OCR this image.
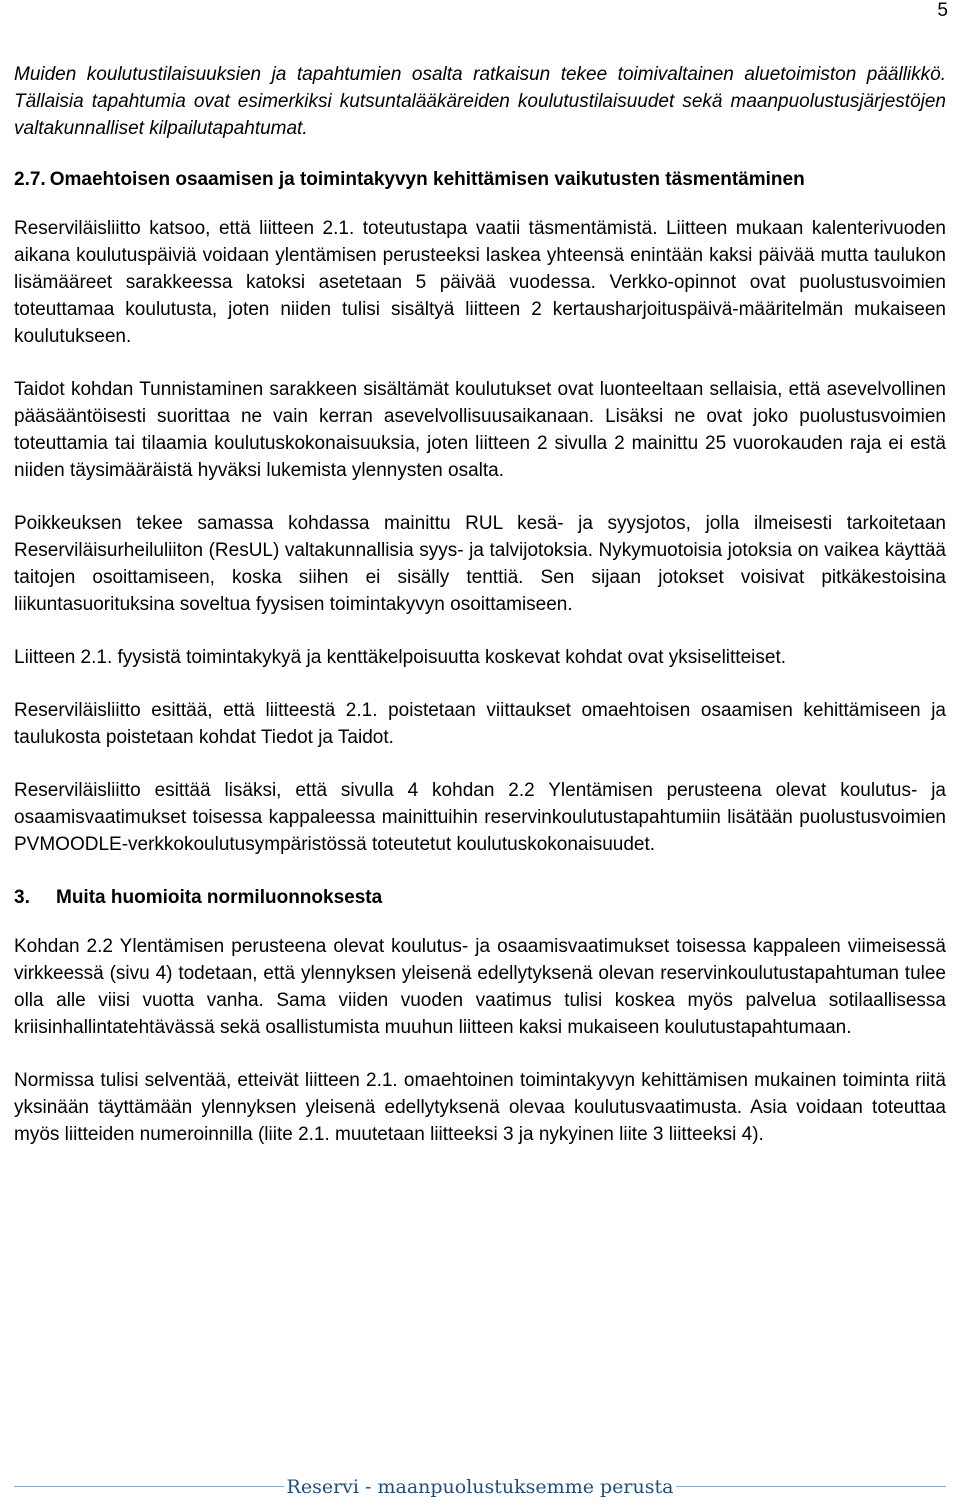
5

Muiden koulutustilaisuuksien ja tapahtumien osalta ratkaisun tekee toimivaltainen aluetoimiston päällikkö. Tällaisia tapahtumia ovat esimerkiksi kutsuntalääkäreiden koulutustilaisuudet sekä maanpuolustusjärjestöjen valtakunnalliset kilpailutapahtumat.

2.7. Omaehtoisen osaamisen ja toimintakyvyn kehittämisen vaikutusten täsmentäminen

Reserviläisliitto katsoo, että liitteen 2.1. toteutustapa vaatii täsmentämistä. Liitteen mukaan kalenterivuoden aikana koulutuspäiviä voidaan ylentämisen perusteeksi laskea yhteensä enintään kaksi päivää mutta taulukon lisämääreet sarakkeessa katoksi asetetaan 5 päivää vuodessa. Verkko-opinnot ovat puolustusvoimien toteuttamaa koulutusta, joten niiden tulisi sisältyä liitteen 2 kertausharjoituspäivä-määritelmän mukaiseen koulutukseen.

Taidot kohdan Tunnistaminen sarakkeen sisältämät koulutukset ovat luonteeltaan sellaisia, että asevelvollinen pääsääntöisesti suorittaa ne vain kerran asevelvollisuusaikanaan. Lisäksi ne ovat joko puolustusvoimien toteuttamia tai tilaamia koulutuskokonaisuuksia, joten liitteen 2 sivulla 2 mainittu 25 vuorokauden raja ei estä niiden täysimääräistä hyväksi lukemista ylennysten osalta.

Poikkeuksen tekee samassa kohdassa mainittu RUL kesä- ja syysjotos, jolla ilmeisesti tarkoitetaan Reserviläisurheiluliiton (ResUL) valtakunnallisia syys- ja talvijotoksia. Nykymuotoisia jotoksia on vaikea käyttää taitojen osoittamiseen, koska siihen ei sisälly tenttiä. Sen sijaan jotokset voisivat pitkäkestoisina liikuntasuorituksina soveltua fyysisen toimintakyvyn osoittamiseen.

Liitteen 2.1. fyysistä toimintakykyä ja kenttäkelpoisuutta koskevat kohdat ovat yksiselitteiset.

Reserviläisliitto esittää, että liitteestä 2.1. poistetaan viittaukset omaehtoisen osaamisen kehittämiseen ja taulukosta poistetaan kohdat Tiedot ja Taidot.

Reserviläisliitto esittää lisäksi, että sivulla 4 kohdan 2.2 Ylentämisen perusteena olevat koulutus- ja osaamisvaatimukset toisessa kappaleessa mainittuihin reservinkoulutustapahtumiin lisätään puolustusvoimien PVMOODLE-verkkokoulutusympäristössä toteutetut koulutuskokonaisuudet.

3.	Muita huomioita normiluonnoksesta

Kohdan 2.2 Ylentämisen perusteena olevat koulutus- ja osaamisvaatimukset toisessa kappaleen viimeisessä virkkeessä (sivu 4) todetaan, että ylennyksen yleisenä edellytyksenä olevan reservinkoulutustapahtuman tulee olla alle viisi vuotta vanha. Sama viiden vuoden vaatimus tulisi koskea myös palvelua sotilaallisessa kriisinhallintatehtävässä sekä osallistumista muuhun liitteen kaksi mukaiseen koulutustapahtumaan.

Normissa tulisi selventää, etteivät liitteen 2.1. omaehtoinen toimintakyvyn kehittämisen mukainen toiminta riitä yksinään täyttämään ylennyksen yleisenä edellytyksenä olevaa koulutusvaatimusta. Asia voidaan toteuttaa myös liitteiden numeroinnilla (liite 2.1. muutetaan liitteeksi 3 ja nykyinen liite 3 liitteeksi 4).

Reservi - maanpuolustuksemme perusta
